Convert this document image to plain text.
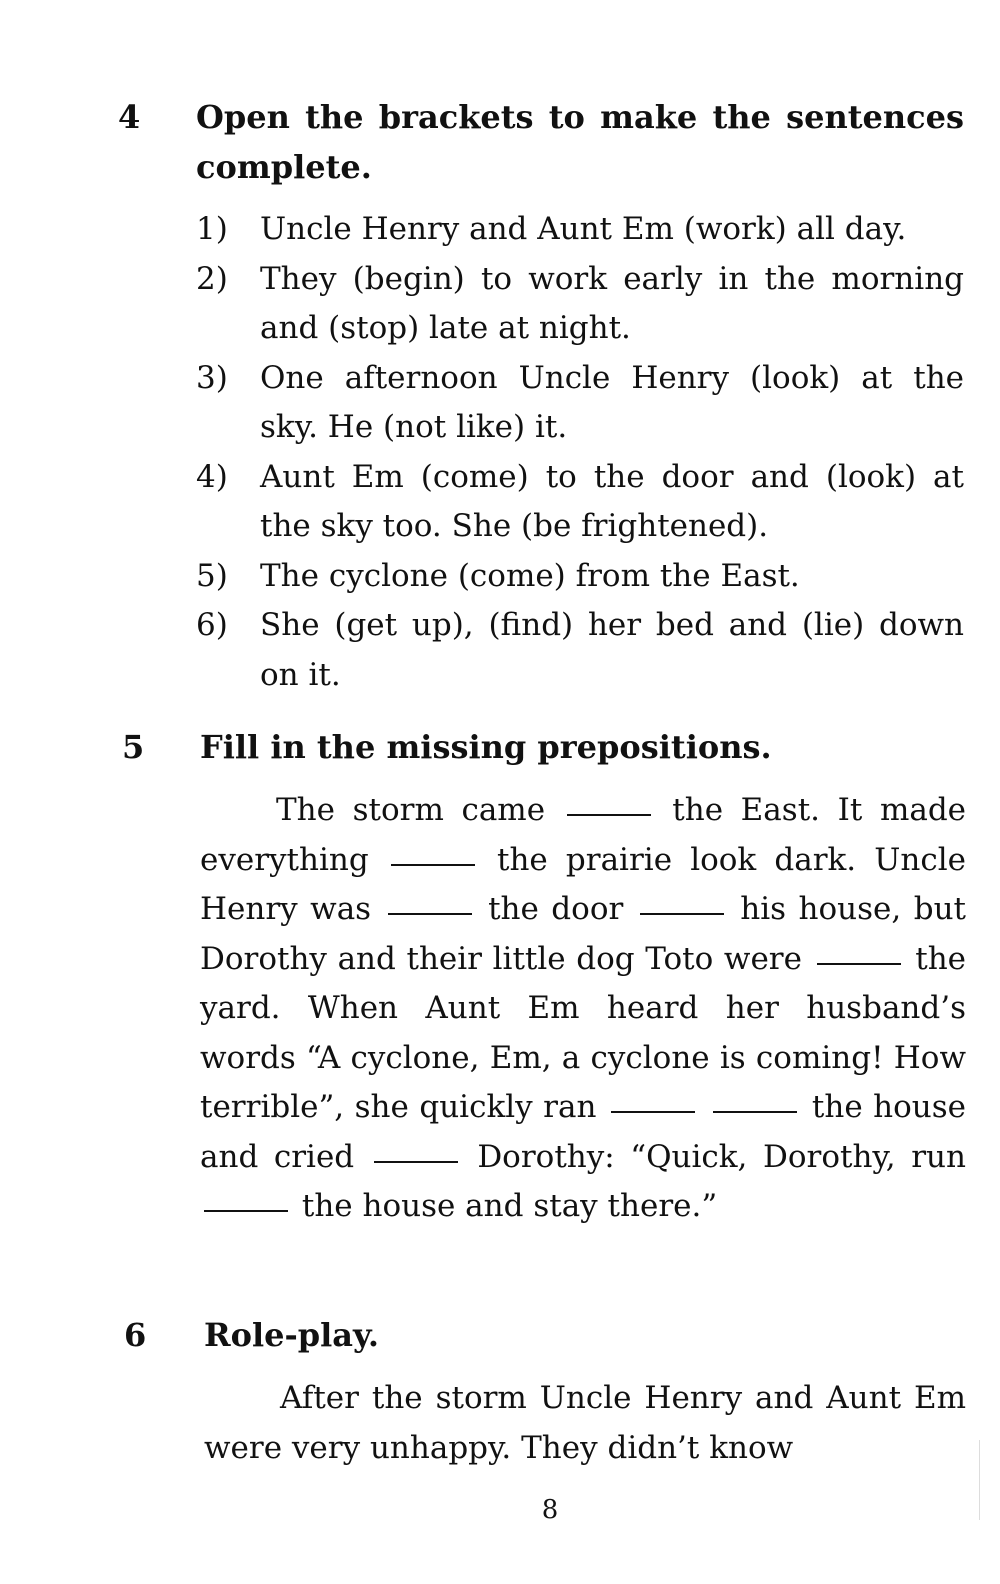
4 Open the brackets to make the sentences complete.
1) Uncle Henry and Aunt Em (work) all day.
2) They (begin) to work early in the morning and (stop) late at night.
3) One afternoon Uncle Henry (look) at the sky. He (not like) it.
4) Aunt Em (come) to the door and (look) at the sky too. She (be frightened).
5) The cyclone (come) from the East.
6) She (get up), (find) her bed and (lie) down on it.
5 Fill in the missing prepositions.

The storm came	the East. It made everything	the prairie look dark. Uncle Henry was	the door	his house, but Dorothy and their little dog Toto were	the yard. When Aunt Em heard her husband’s words “A cyclone, Em, a cyclone is coming! How terrible”, she quickly ran	the house and cried	Dorothy: “Quick, Dorothy, run  the house and stay there.”

6 Role-play.

After the storm Uncle Henry and Aunt Em were very unhappy. They didn’t know

8
